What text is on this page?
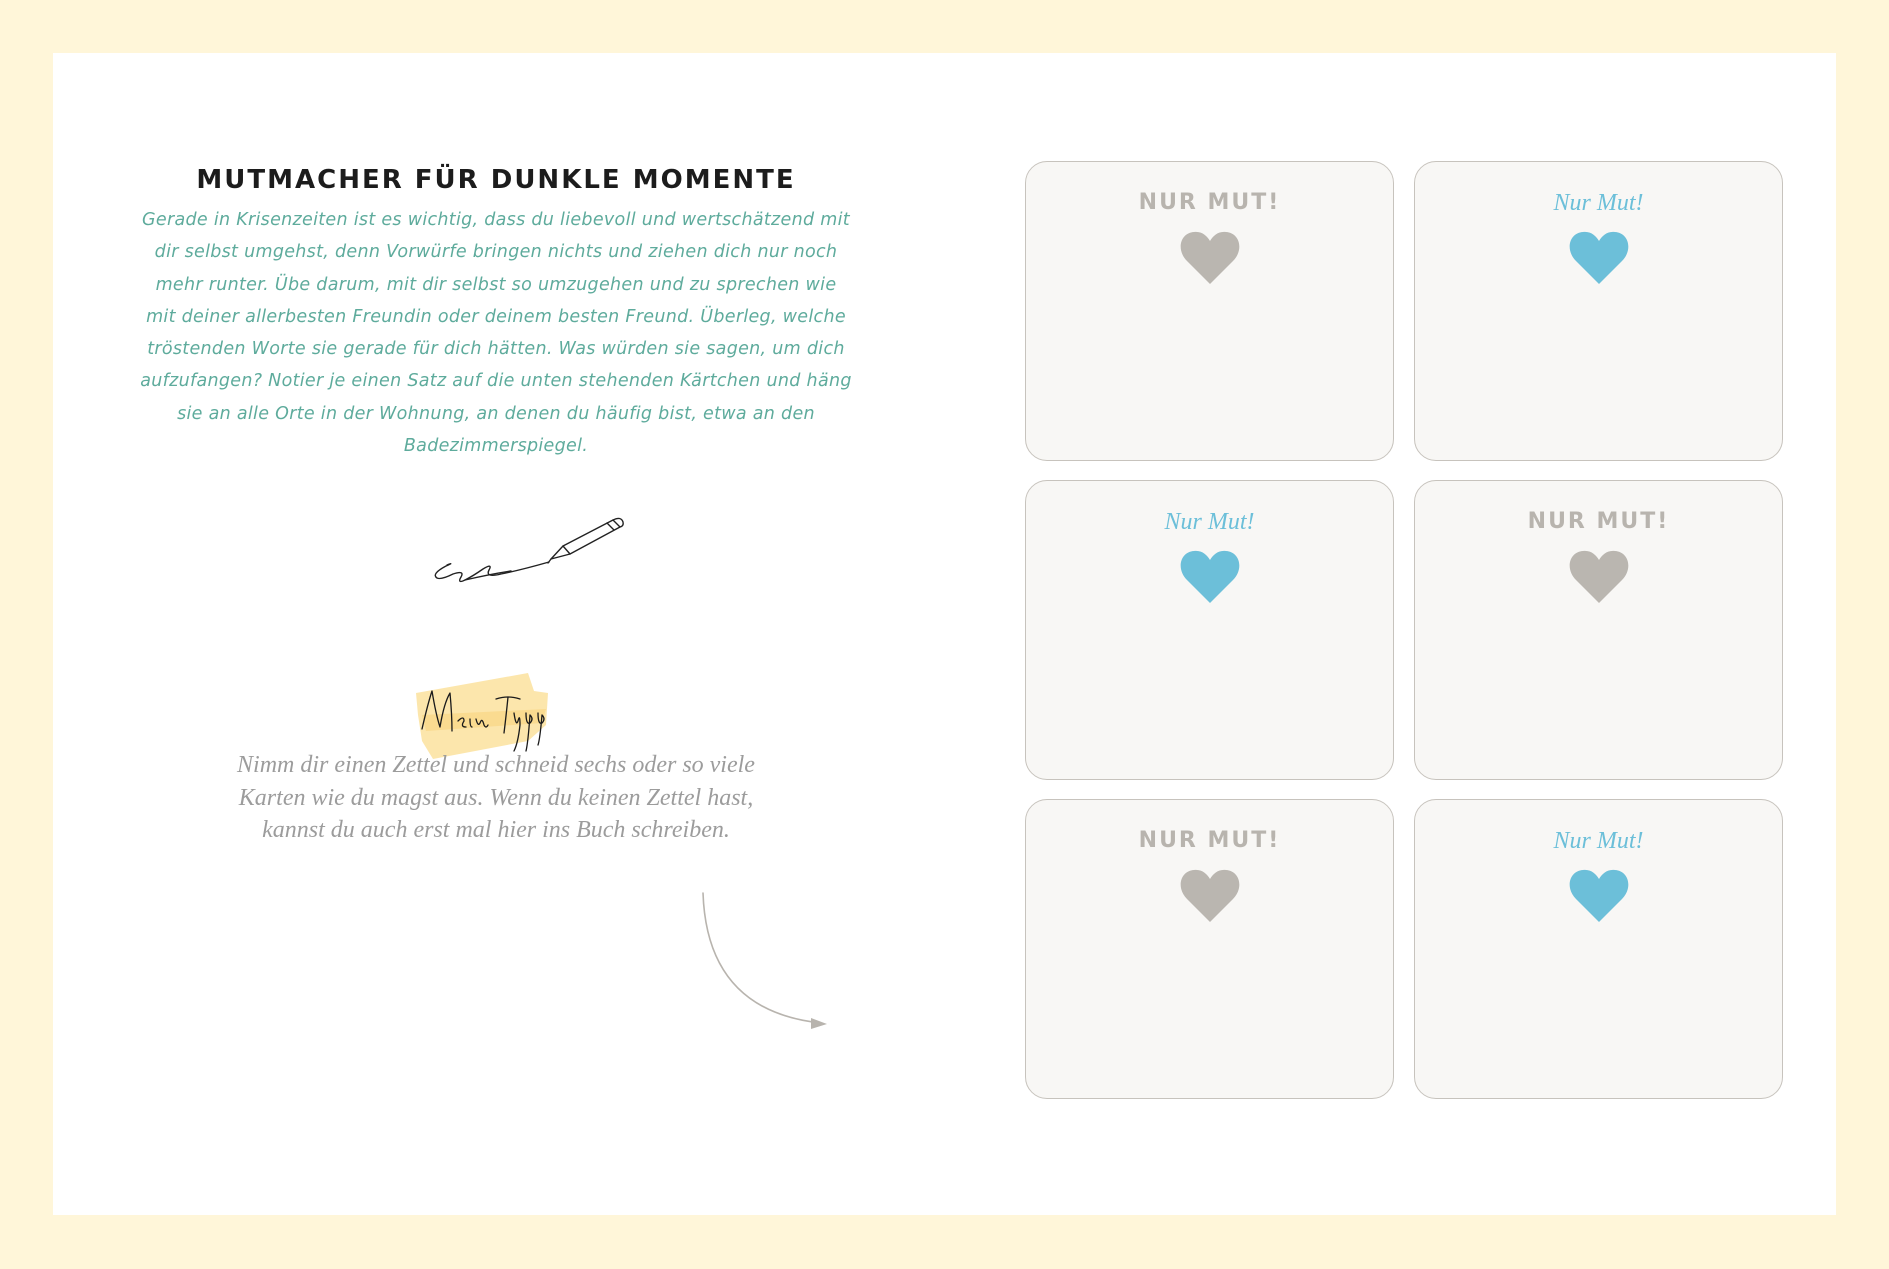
MUTMACHER FÜR DUNKLE MOMENTE

Gerade in Krisenzeiten ist es wichtig, dass du liebevoll und wertschätzend mit dir selbst umgehst, denn Vorwürfe bringen nichts und ziehen dich nur noch mehr runter. Übe darum, mit dir selbst so umzugehen und zu sprechen wie mit deiner allerbesten Freundin oder deinem besten Freund. Überleg, welche tröstenden Worte sie gerade für dich hätten. Was würden sie sagen, um dich aufzufangen? Notier je einen Satz auf die unten stehenden Kärtchen und häng sie an alle Orte in der Wohnung, an denen du häufig bist, etwa an den Badezimmerspiegel.

Nimm dir einen Zettel und schneid sechs oder so viele Karten wie du magst aus. Wenn du keinen Zettel hast, kannst du auch erst mal hier ins Buch schreiben.

NUR MUT!	Nur Mut!

Nur Mut!	NUR MUT!

NUR MUT!	Nur Mut!
